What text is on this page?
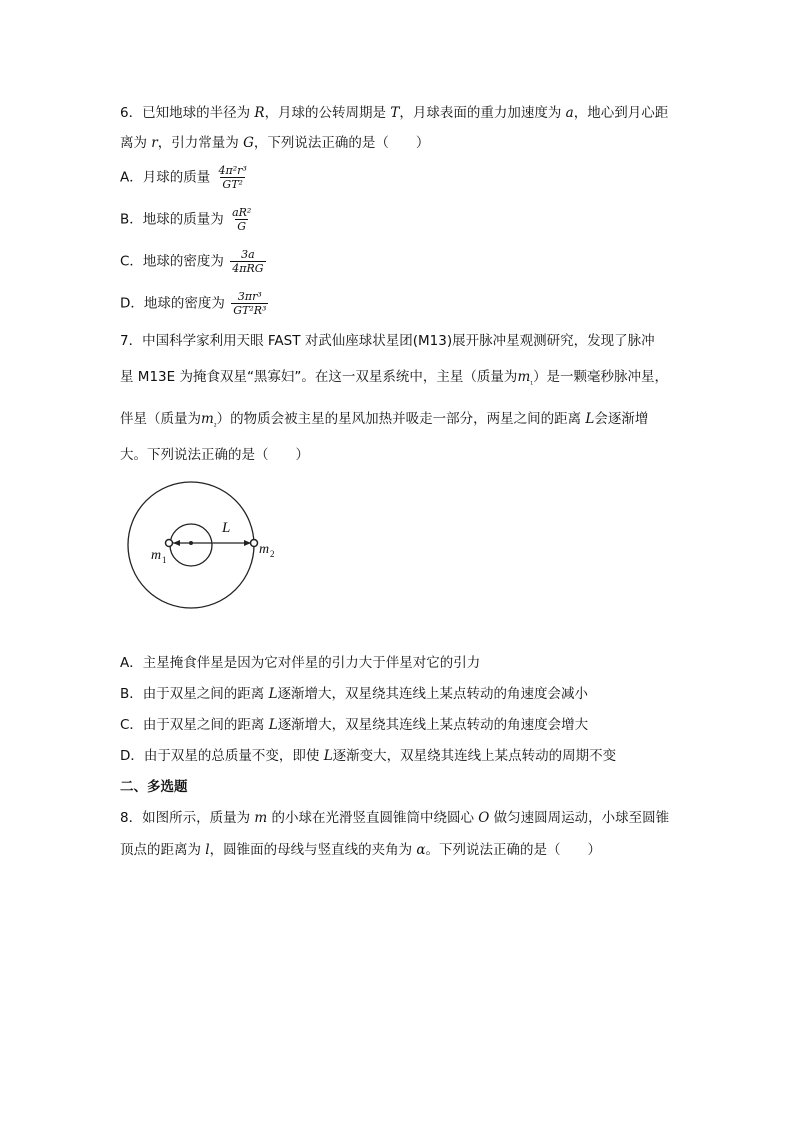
6．已知地球的半径为 R，月球的公转周期是 T，月球表面的重力加速度为 a，地心到月心距
离为 r，引力常量为 G，下列说法正确的是（　　）
A．月球的质量 $\frac{\text{4π²r³}}{\text{GT²}}$
B．地球的质量为 $\frac{\text{aR²}}{G}$
C．地球的密度为 $\frac{3a}{\text{4πRG}}$
D．地球的密度为 $\frac{\text{3πr³}}{\text{GT²R³}}$
7．中国科学家利用天眼 FAST 对武仙座球状星团(M13)展开脉冲星观测研究，发现了脉冲
星 M13E 为掩食双星“黑寡妇”。在这一双星系统中，主星（质量为$m_{_1}$）是一颗毫秒脉冲星，
伴星（质量为$m_{_2}$）的物质会被主星的星风加热并吸走一部分，两星之间的距离 L会逐渐增
大。下列说法正确的是（　　）
L
m 1
m 2
A．主星掩食伴星是因为它对伴星的引力大于伴星对它的引力
B．由于双星之间的距离 L逐渐增大，双星绕其连线上某点转动的角速度会减小
C．由于双星之间的距离 L逐渐增大，双星绕其连线上某点转动的角速度会增大
D．由于双星的总质量不变，即使 L逐渐变大，双星绕其连线上某点转动的周期不变
二、多选题
8．如图所示，质量为 m 的小球在光滑竖直圆锥筒中绕圆心 O 做匀速圆周运动，小球至圆锥
顶点的距离为 l，圆锥面的母线与竖直线的夹角为 α。下列说法正确的是（　　）
